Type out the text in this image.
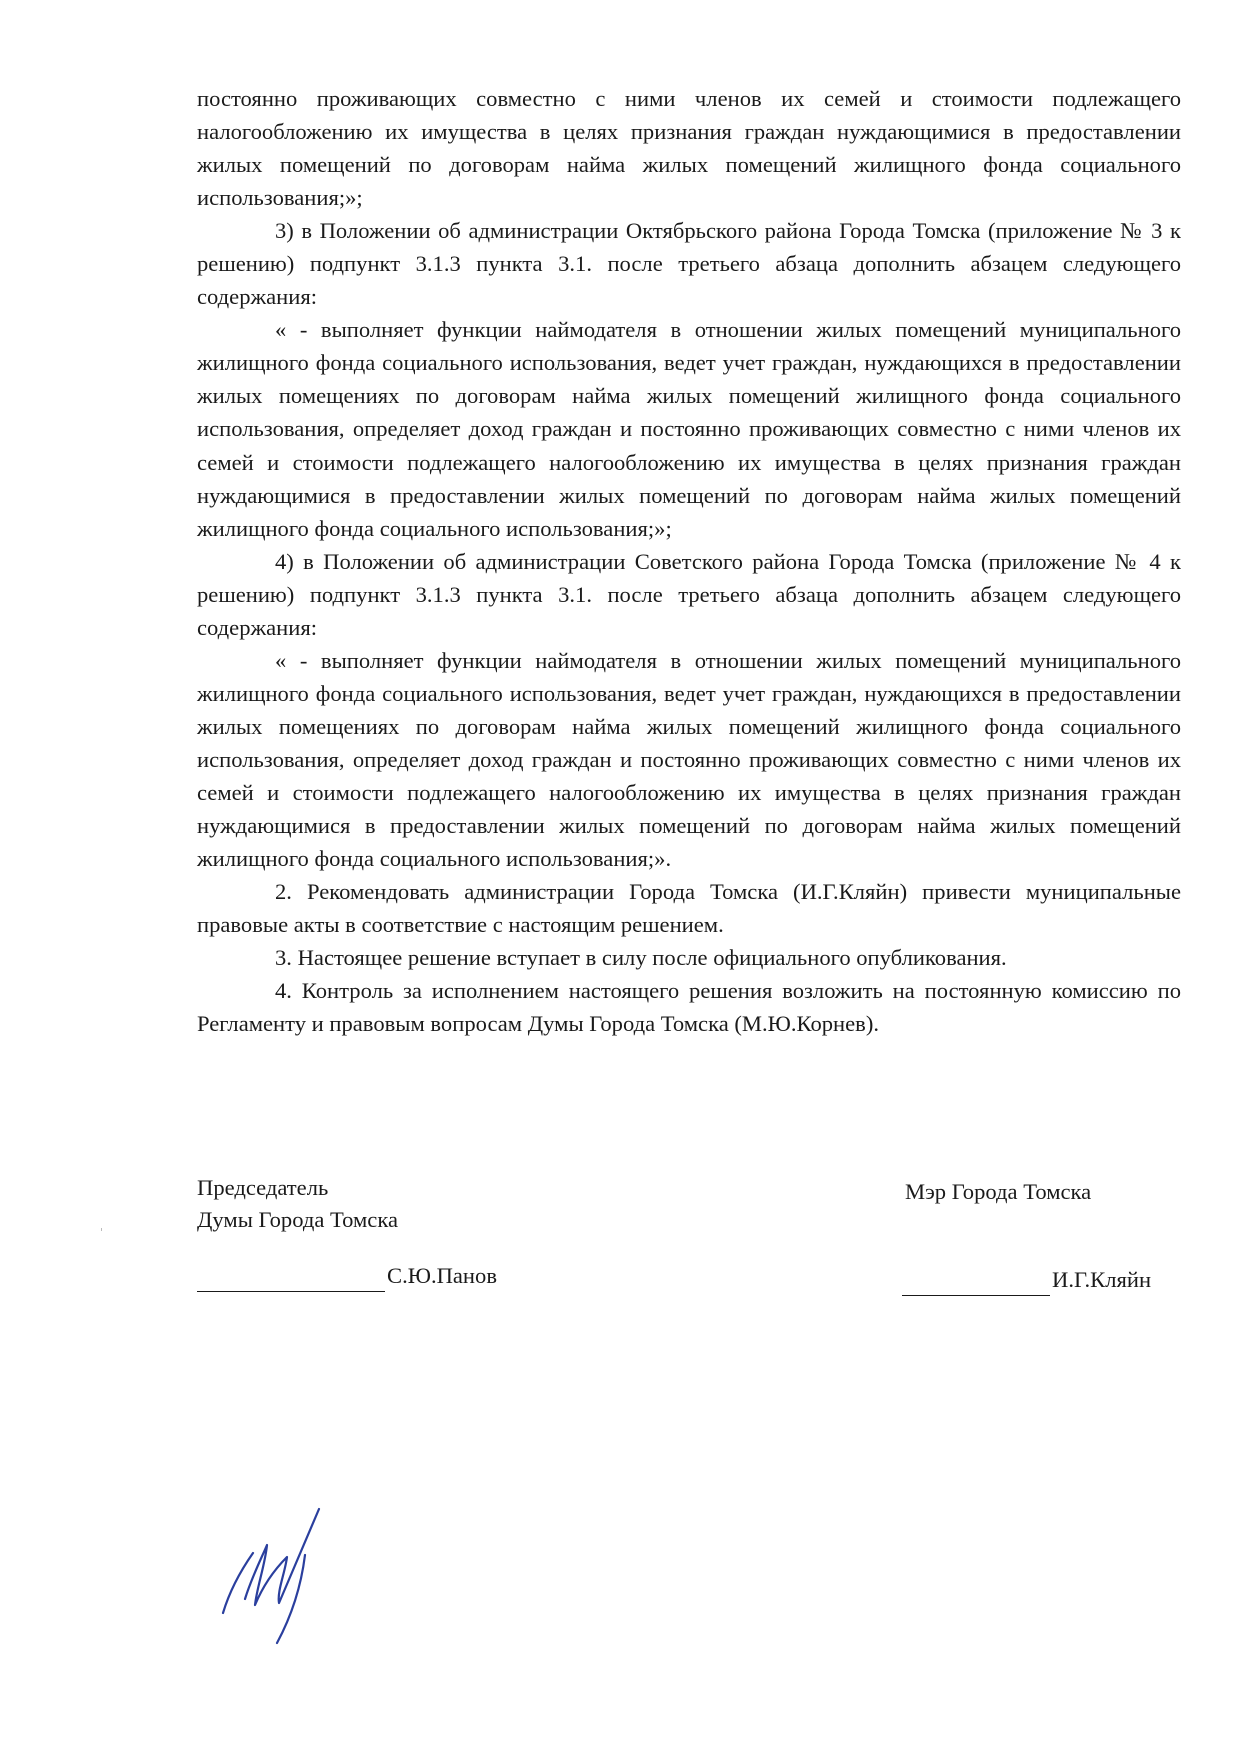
постоянно проживающих совместно с ними членов их семей и стоимости подлежащего налогообложению их имущества в целях признания граждан нуждающимися в предоставлении жилых помещений по договорам найма жилых помещений жилищного фонда социального использования;»;

3) в Положении об администрации Октябрьского района Города Томска (приложение № 3 к решению) подпункт 3.1.3 пункта 3.1. после третьего абзаца дополнить абзацем следующего содержания:

« - выполняет функции наймодателя в отношении жилых помещений муниципального жилищного фонда социального использования, ведет учет граждан, нуждающихся в предоставлении жилых помещениях по договорам найма жилых помещений жилищного фонда социального использования, определяет доход граждан и постоянно проживающих совместно с ними членов их семей и стоимости подлежащего налогообложению их имущества в целях признания граждан нуждающимися в предоставлении жилых помещений по договорам найма жилых помещений жилищного фонда социального использования;»;

4) в Положении об администрации Советского района Города Томска (приложение № 4 к решению) подпункт 3.1.3 пункта 3.1. после третьего абзаца дополнить абзацем следующего содержания:

« - выполняет функции наймодателя в отношении жилых помещений муниципального жилищного фонда социального использования, ведет учет граждан, нуждающихся в предоставлении жилых помещениях по договорам найма жилых помещений жилищного фонда социального использования, определяет доход граждан и постоянно проживающих совместно с ними членов их семей и стоимости подлежащего налогообложению их имущества в целях признания граждан нуждающимися в предоставлении жилых помещений по договорам найма жилых помещений жилищного фонда социального использования;».

2. Рекомендовать администрации Города Томска (И.Г.Кляйн) привести муниципальные правовые акты в соответствие с настоящим решением.

3. Настоящее решение вступает в силу после официального опубликования.

4. Контроль за исполнением настоящего решения возложить на постоянную комиссию по Регламенту и правовым вопросам Думы Города Томска (М.Ю.Корнев).

Председатель
Думы Города Томска
Мэр Города Томска
С.Ю.Панов	И.Г.Кляйн
